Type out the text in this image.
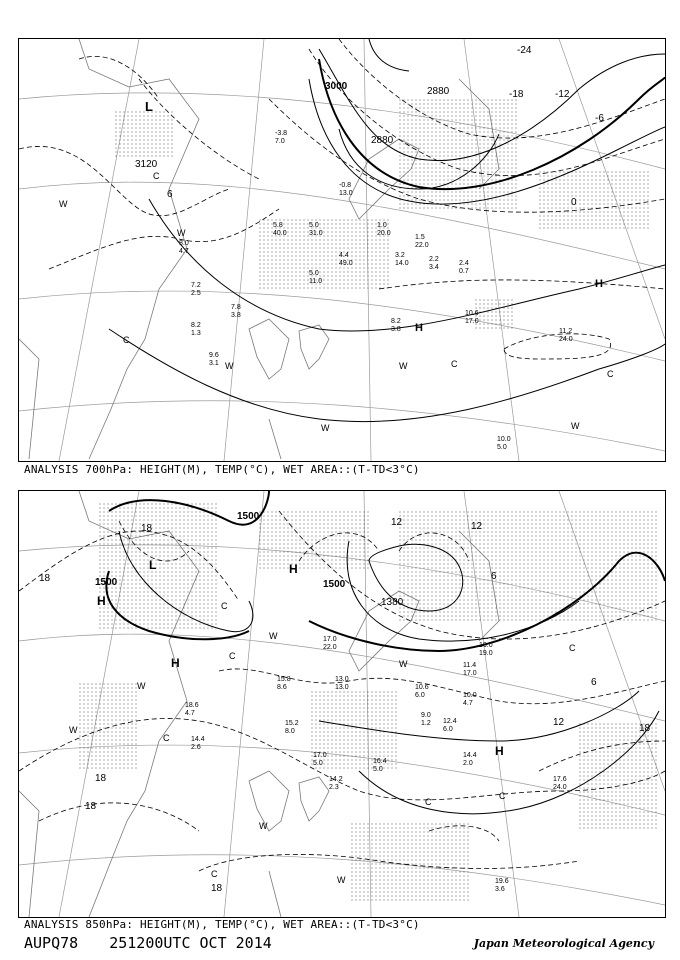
3000
3120
2880
2880
L
H
H
-24
-18	-12
-6
0
6
W
W
W	W
W	W
C
C
C
C
8.0 4.7
7.2 2.5
8.2 1.3
9.6 3.1
7.8 3.8
5.8 40.0
5.0 31.0
4.4 49.0
1.0 20.0
5.0 11.0
8.2 3.8
10.6 17.0
10.0 5.0
11.2 24.0
2.2 3.4
2.4 0.7
1.5 22.0
-0.8 13.0
-3.8 7.0
3.2 14.0
ANALYSIS 700hPa: HEIGHT(M), TEMP(°C), WET AREA::(T-TD<3°C)
1500	1500
1500
1380
L
H
H
H
H
18
18
18
18
12
12
6
6
12
18
18
W
W
W
W
W
W
C
C
C
C
C
C
C
15.8 8.6
17.0 22.0
13.0 13.0
18.6 4.7
14.4 2.6
15.2 8.0
16.4 5.0
17.0 5.0
14.2 2.3
14.4 2.0
10.6 6.0
19.6 3.6
12.4 6.0
10.0 4.7
16.0 19.0
11.4 17.0
9.0 1.2
17.6 24.0
ANALYSIS 850hPa: HEIGHT(M), TEMP(°C), WET AREA::(T-TD<3°C)
AUPQ78 251200UTC OCT 2014	Japan Meteorological Agency
